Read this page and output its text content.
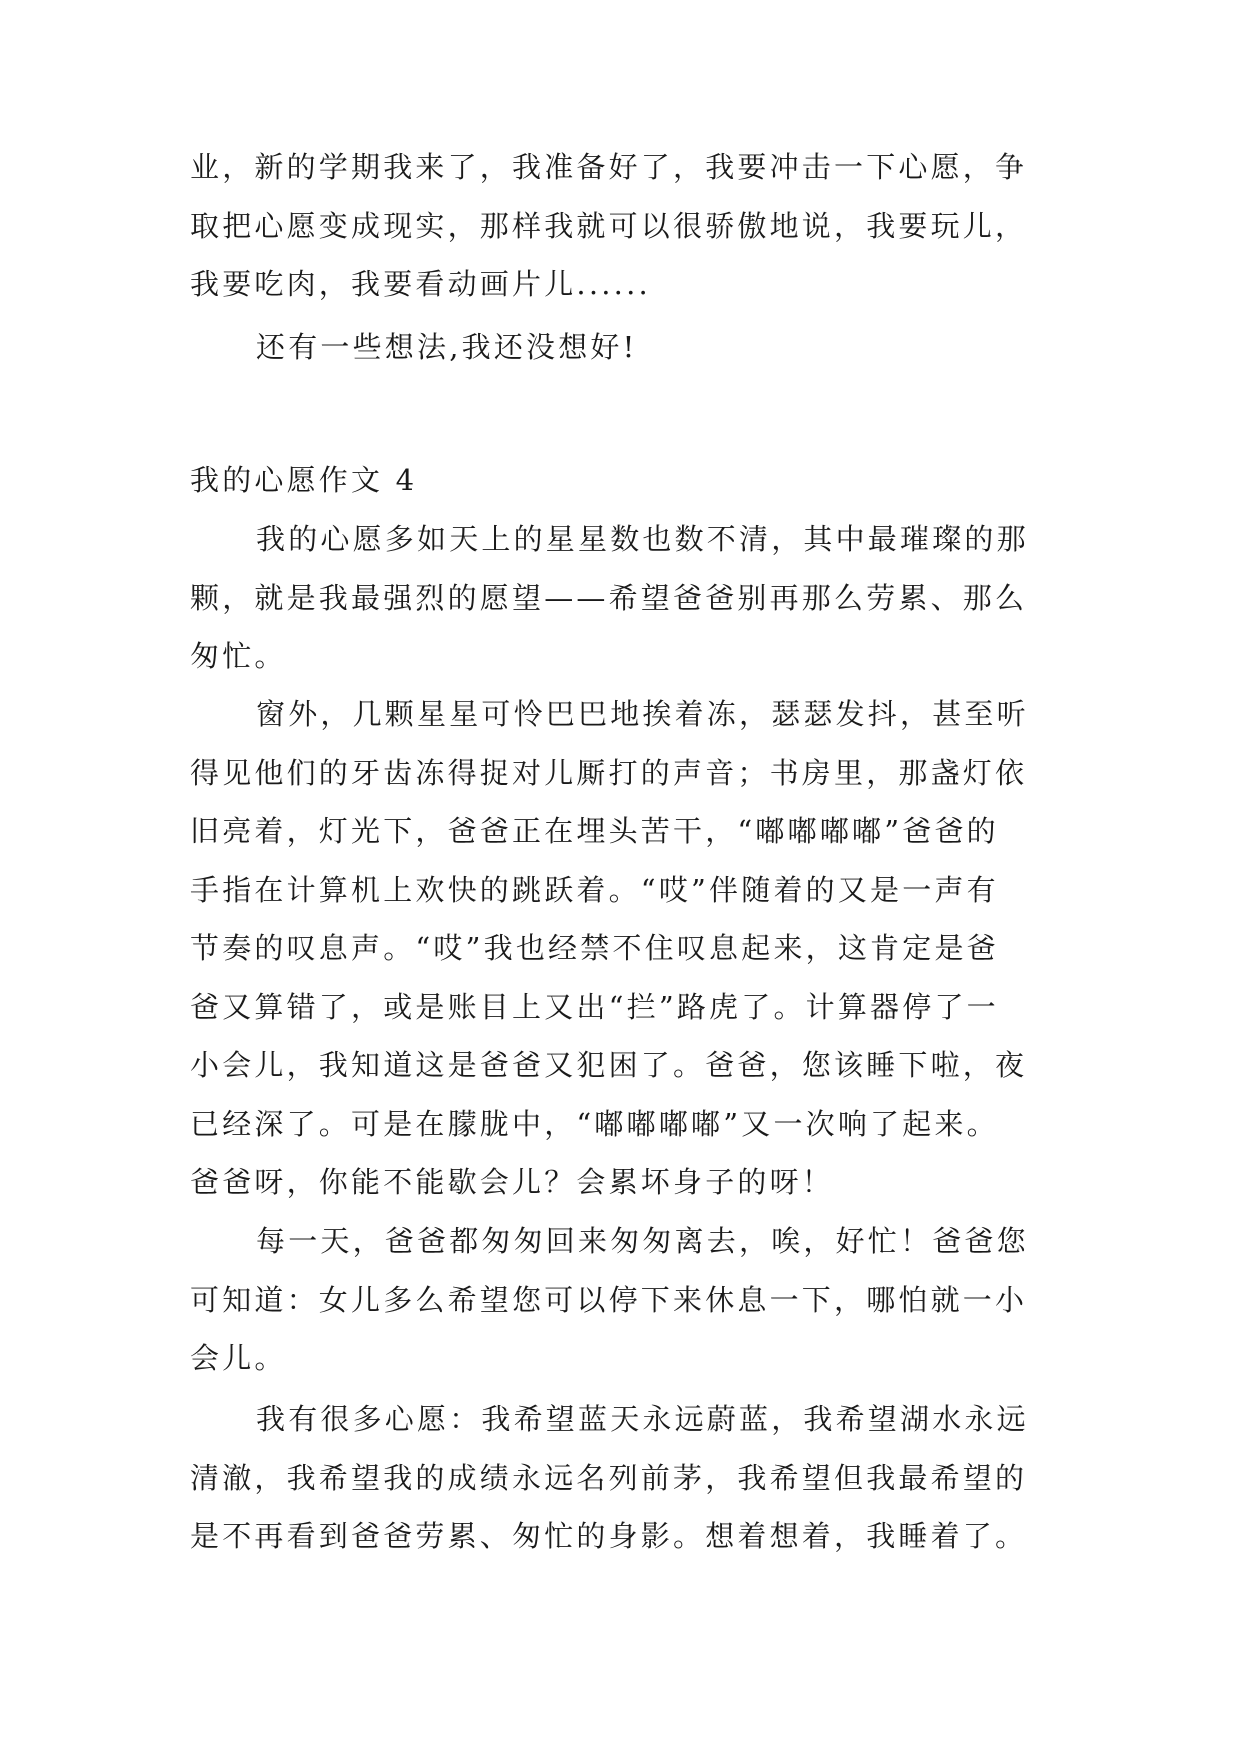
业，新的学期我来了，我准备好了，我要冲击一下心愿，争
取把心愿变成现实，那样我就可以很骄傲地说，我要玩儿，
我要吃肉，我要看动画片儿......
还有一些想法,我还没想好!
我的心愿作文 4
我的心愿多如天上的星星数也数不清，其中最璀璨的那
颗，就是我最强烈的愿望——希望爸爸别再那么劳累、那么
匆忙。
窗外，几颗星星可怜巴巴地挨着冻，瑟瑟发抖，甚至听
得见他们的牙齿冻得捉对儿厮打的声音；书房里，那盏灯依
旧亮着，灯光下，爸爸正在埋头苦干，“嘟嘟嘟嘟”爸爸的
手指在计算机上欢快的跳跃着。“哎”伴随着的又是一声有
节奏的叹息声。“哎”我也经禁不住叹息起来，这肯定是爸
爸又算错了，或是账目上又出“拦”路虎了。计算器停了一
小会儿，我知道这是爸爸又犯困了。爸爸，您该睡下啦，夜
已经深了。可是在朦胧中，“嘟嘟嘟嘟”又一次响了起来。
爸爸呀，你能不能歇会儿？会累坏身子的呀！
每一天，爸爸都匆匆回来匆匆离去，唉，好忙！爸爸您
可知道：女儿多么希望您可以停下来休息一下，哪怕就一小
会儿。
我有很多心愿：我希望蓝天永远蔚蓝，我希望湖水永远
清澈，我希望我的成绩永远名列前茅，我希望但我最希望的
是不再看到爸爸劳累、匆忙的身影。想着想着，我睡着了。
